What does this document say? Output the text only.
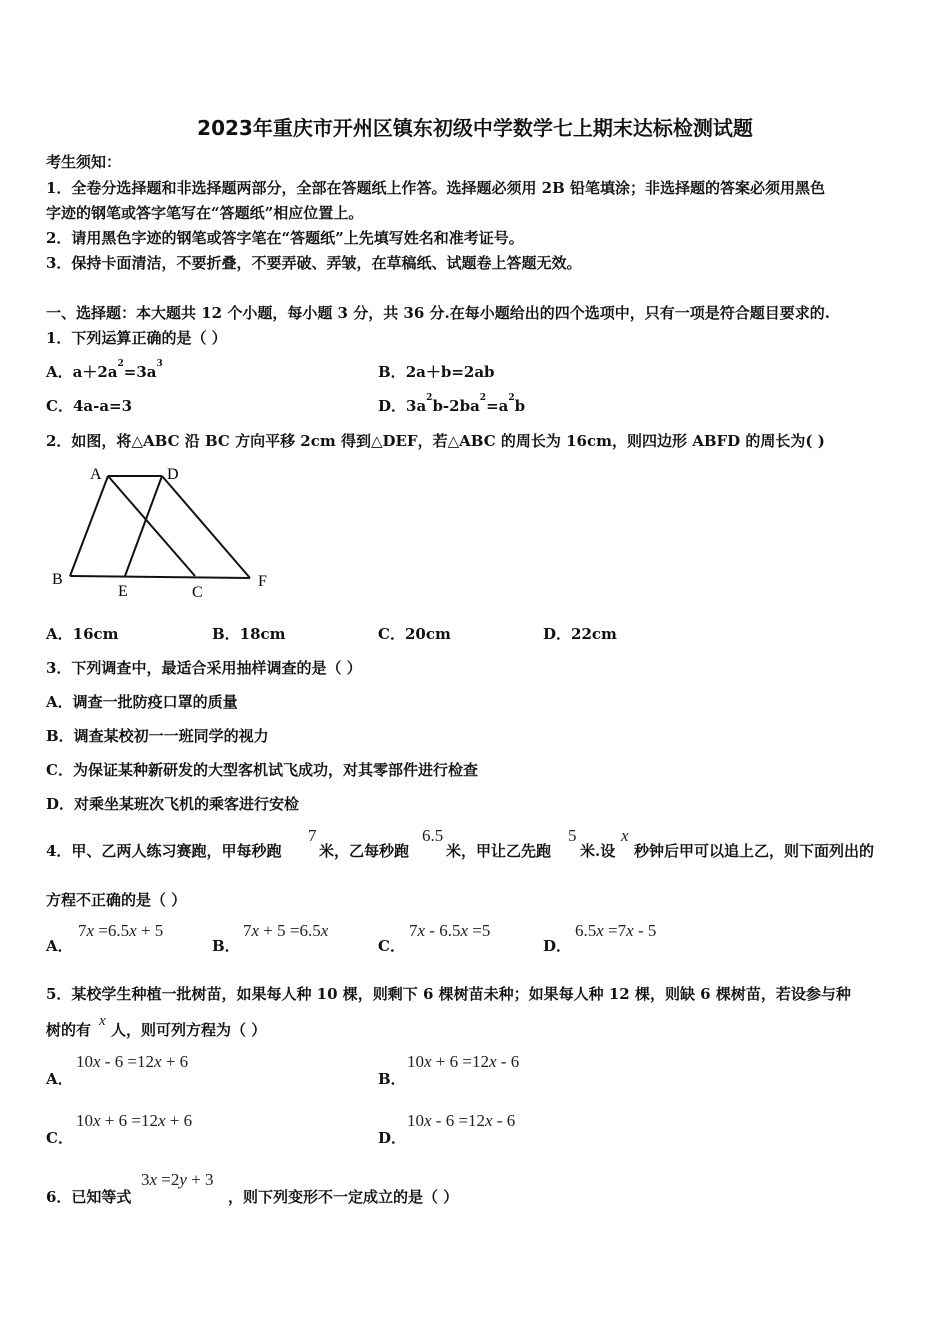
2023年重庆市开州区镇东初级中学数学七上期末达标检测试题
考生须知：
1．全卷分选择题和非选择题两部分，全部在答题纸上作答。选择题必须用 2B 铅笔填涂；非选择题的答案必须用黑色
字迹的钢笔或答字笔写在“答题纸”相应位置上。
2．请用黑色字迹的钢笔或答字笔在“答题纸”上先填写姓名和准考证号。
3．保持卡面清洁，不要折叠，不要弄破、弄皱，在草稿纸、试题卷上答题无效。
一、选择题：本大题共 12 个小题，每小题 3 分，共 36 分.在每小题给出的四个选项中，只有一项是符合题目要求的.
1．下列运算正确的是（ ）
A．$a+2a^2=3a^3$	B．2a＋b=2ab
C．4a-a=3	D．$3a^2b-2ba^2=a^2b$
2．如图，将△ABC 沿 BC 方向平移 2cm 得到△DEF，若△ABC 的周长为 16cm，则四边形 ABFD 的周长为( )
A	D
B
E	C
F
A．16cm	B．18cm	C．20cm	D．22cm
3．下列调查中，最适合采用抽样调查的是（ ）
A．调查一批防疫口罩的质量
B．调查某校初一一班同学的视力
C．为保证某种新研发的大型客机试飞成功，对其零部件进行检查
D．对乘坐某班次飞机的乘客进行安检
4．甲、乙两人练习赛跑，甲每秒跑
7
米，乙每秒跑
6.5
米，甲让乙先跑
5
米.设
x
秒钟后甲可以追上乙，则下面列出的
方程不正确的是（ ）
A．
7x =6.5x + 5
B．
7x + 5 =6.5x
C．
7x - 6.5x =5
D．
6.5x =7x - 5
5．某校学生种植一批树苗，如果每人种 10 棵，则剩下 6 棵树苗未种；如果每人种 12 棵，则缺 6 棵树苗，若设参与种
树的有 x 人，则可列方程为（ ）
A．
10x - 6 =12x + 6
B．
10x + 6 =12x - 6
C．
10x + 6 =12x + 6
D．
10x - 6 =12x - 6
6．已知等式
3x =2y + 3
，则下列变形不一定成立的是（ ）
